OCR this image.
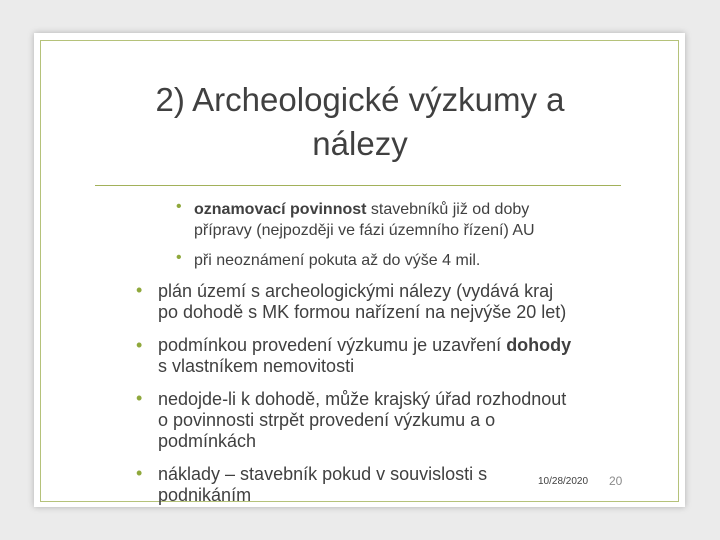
2) Archeologické výzkumy a
nálezy
• oznamovací povinnost stavebníků již od doby
přípravy (nejpozději ve fázi územního řízení) AU
• při neoznámení pokuta až do výše 4 mil.
• plán území s archeologickými nálezy (vydává kraj
po dohodě s MK formou nařízení na nejvýše 20 let)
• podmínkou provedení výzkumu je uzavření dohody
s vlastníkem nemovitosti
• nedojde-li k dohodě, může krajský úřad rozhodnout
o povinnosti strpět provedení výzkumu a o
podmínkách
• náklady – stavebník pokud v souvislosti s
podnikáním
10/28/2020 20
